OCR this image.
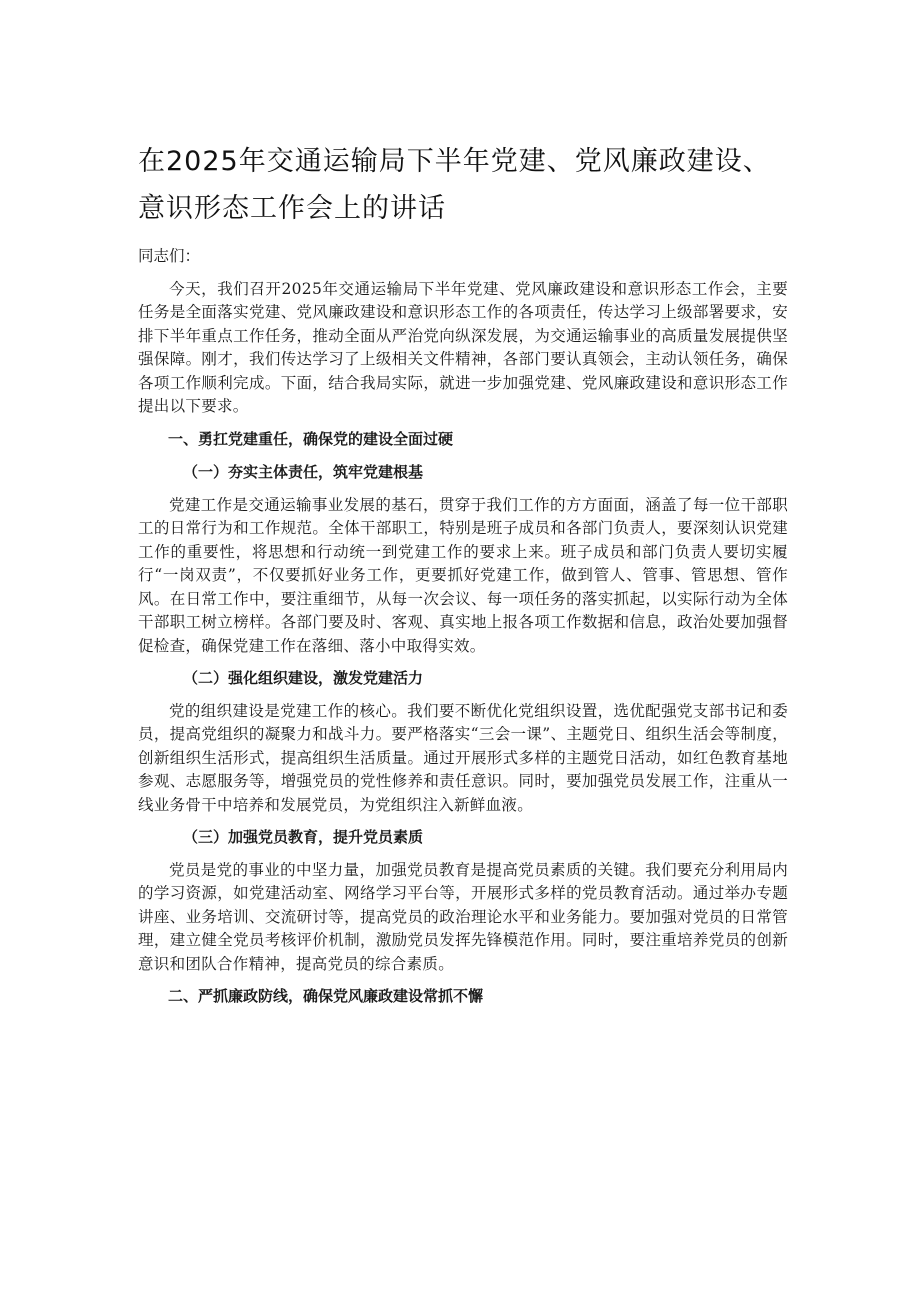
在2025年交通运输局下半年党建、党风廉政建设、
意识形态工作会上的讲话

同志们：

今天，我们召开2025年交通运输局下半年党建、党风廉政建设和意识形态工作会，主要任务是全面落实党建、党风廉政建设和意识形态工作的各项责任，传达学习上级部署要求，安排下半年重点工作任务，推动全面从严治党向纵深发展，为交通运输事业的高质量发展提供坚强保障。刚才，我们传达学习了上级相关文件精神，各部门要认真领会，主动认领任务，确保各项工作顺利完成。下面，结合我局实际，就进一步加强党建、党风廉政建设和意识形态工作提出以下要求。

一、勇扛党建重任，确保党的建设全面过硬

（一）夯实主体责任，筑牢党建根基

党建工作是交通运输事业发展的基石，贯穿于我们工作的方方面面，涵盖了每一位干部职工的日常行为和工作规范。全体干部职工，特别是班子成员和各部门负责人，要深刻认识党建工作的重要性，将思想和行动统一到党建工作的要求上来。班子成员和部门负责人要切实履行“一岗双责”，不仅要抓好业务工作，更要抓好党建工作，做到管人、管事、管思想、管作风。在日常工作中，要注重细节，从每一次会议、每一项任务的落实抓起，以实际行动为全体干部职工树立榜样。各部门要及时、客观、真实地上报各项工作数据和信息，政治处要加强督促检查，确保党建工作在落细、落小中取得实效。

（二）强化组织建设，激发党建活力

党的组织建设是党建工作的核心。我们要不断优化党组织设置，选优配强党支部书记和委员，提高党组织的凝聚力和战斗力。要严格落实“三会一课”、主题党日、组织生活会等制度，创新组织生活形式，提高组织生活质量。通过开展形式多样的主题党日活动，如红色教育基地参观、志愿服务等，增强党员的党性修养和责任意识。同时，要加强党员发展工作，注重从一线业务骨干中培养和发展党员，为党组织注入新鲜血液。

（三）加强党员教育，提升党员素质

党员是党的事业的中坚力量，加强党员教育是提高党员素质的关键。我们要充分利用局内的学习资源，如党建活动室、网络学习平台等，开展形式多样的党员教育活动。通过举办专题讲座、业务培训、交流研讨等，提高党员的政治理论水平和业务能力。要加强对党员的日常管理，建立健全党员考核评价机制，激励党员发挥先锋模范作用。同时，要注重培养党员的创新意识和团队合作精神，提高党员的综合素质。

二、严抓廉政防线，确保党风廉政建设常抓不懈
